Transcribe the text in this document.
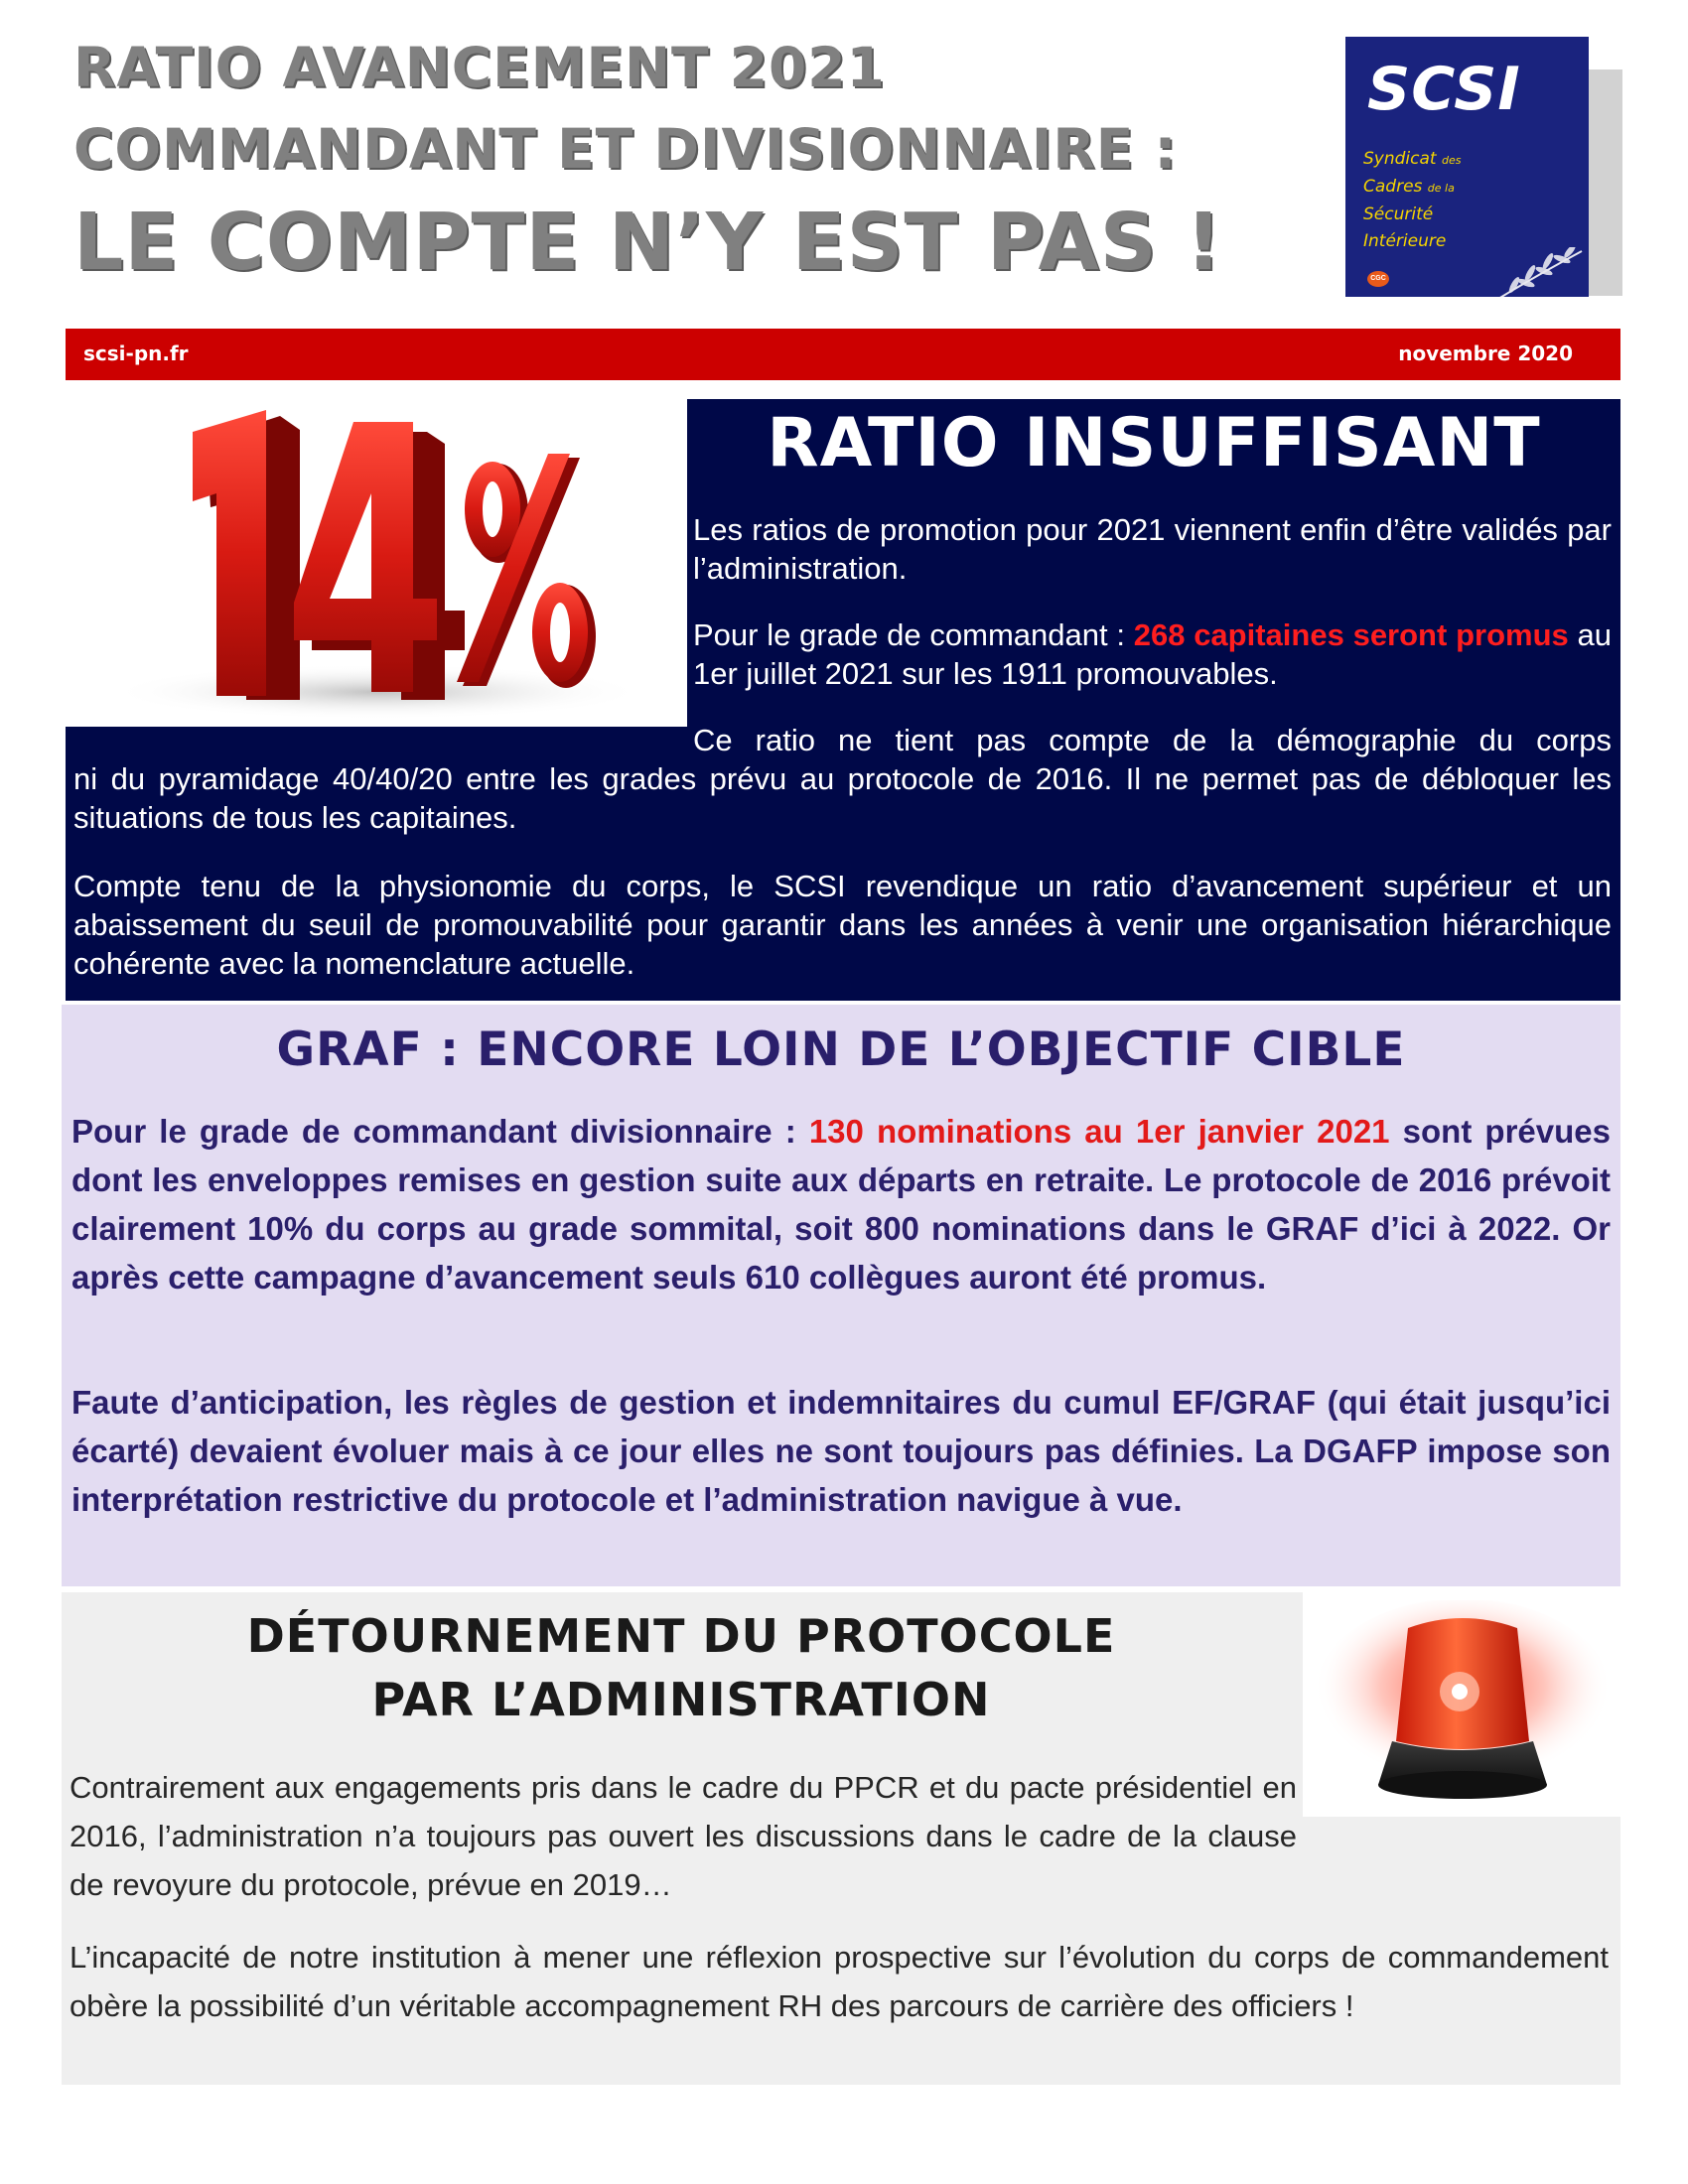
RATIO AVANCEMENT 2021
COMMANDANT ET DIVISIONNAIRE :
LE COMPTE N’Y EST PAS !
SCSI
Syndicat des
Cadres de la
Sécurité
Intérieure
CGC
scsi-pn.fr	novembre 2020
RATIO INSUFFISANT
Les ratios de promotion pour 2021 viennent enfin d’être validés par l’administration.
Pour le grade de commandant : 268 capitaines seront promus au 1er juillet 2021 sur les 1911 promouvables.
Ce ratio ne tient pas compte de la démographie du corps
ni du pyramidage 40/40/20 entre les grades prévu au protocole de 2016. Il ne permet pas de débloquer les situations de tous les capitaines.
Compte tenu de la physionomie du corps, le SCSI revendique un ratio d’avancement supérieur et un abaissement du seuil de promouvabilité pour garantir dans les années à venir une organisation hiérarchique cohérente avec la nomenclature actuelle.
GRAF : ENCORE LOIN DE L’OBJECTIF CIBLE
Pour le grade de commandant divisionnaire : 130 nominations au 1er janvier 2021 sont prévues dont les enveloppes remises en gestion suite aux départs en retraite. Le protocole de 2016 prévoit clairement 10% du corps au grade sommital, soit 800 nominations dans le GRAF d’ici à 2022. Or après cette campagne d’avancement seuls 610 collègues auront été promus.
Faute d’anticipation, les règles de gestion et indemnitaires du cumul EF/GRAF (qui était jusqu’ici écarté) devaient évoluer mais à ce jour elles ne sont toujours pas définies. La DGAFP impose son interprétation restrictive du protocole et l’administration navigue à vue.
DÉTOURNEMENT DU PROTOCOLE
PAR L’ADMINISTRATION
Contrairement aux engagements pris dans le cadre du PPCR et du pacte présidentiel en 2016, l’administration n’a toujours pas ouvert les discussions dans le cadre de la clause de revoyure du protocole, prévue en 2019…
L’incapacité de notre institution à mener une réflexion prospective sur l’évolution du corps de commandement obère la possibilité d’un véritable accompagnement RH des parcours de carrière des officiers !
